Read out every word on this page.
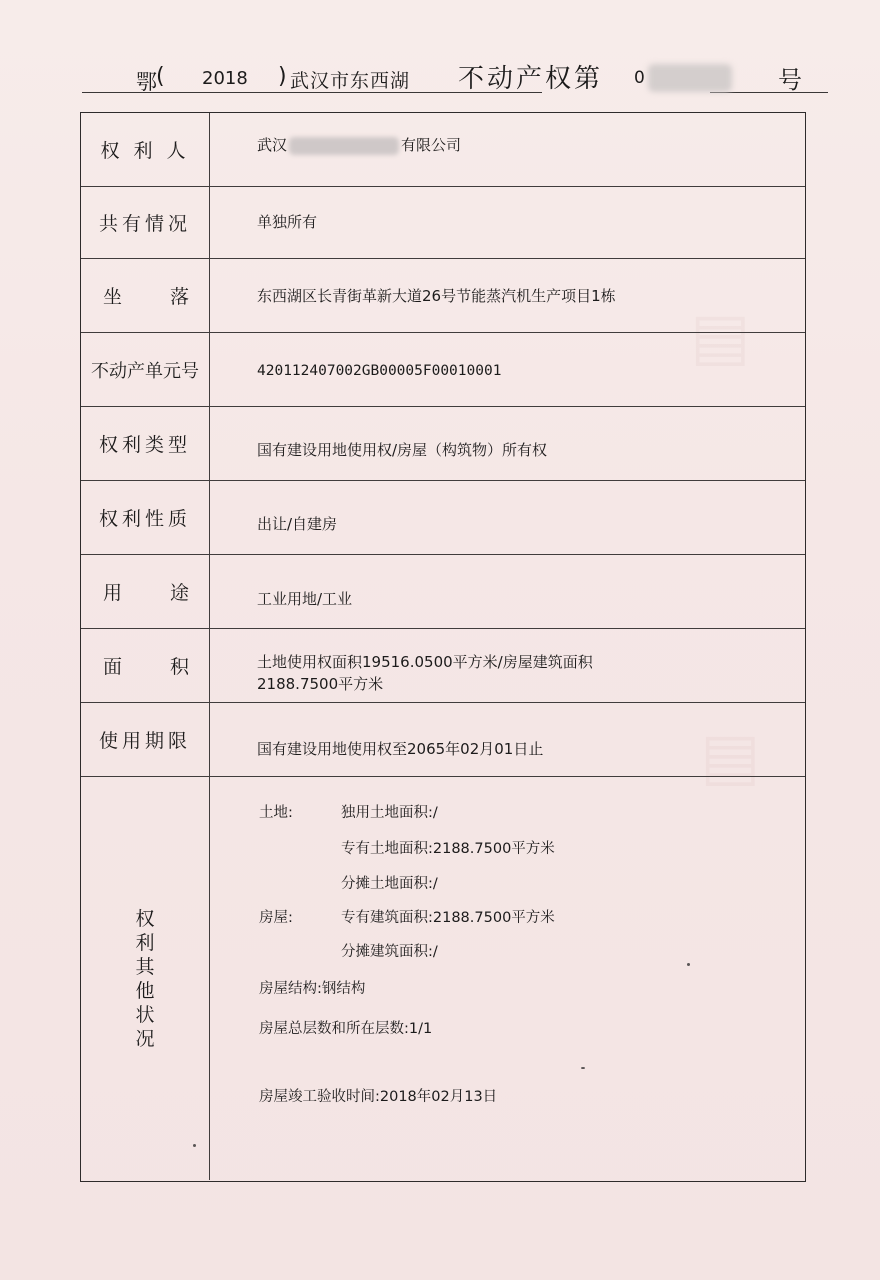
▤
▤
鄂 ( 2018 ) 武汉市东西湖 不动产权第 0	号
权 利 人	武汉	有限公司
共有情况	单独所有
坐	落	东西湖区长青街革新大道26号节能蒸汽机生产项目1栋
不动产单元号	420112407002GB00005F00010001
权利类型	国有建设用地使用权/房屋（构筑物）所有权
权利性质	出让/自建房
用	途	工业用地/工业
面	积	土地使用权面积19516.0500平方米/房屋建筑面积
2188.7500平方米
使用期限	国有建设用地使用权至2065年02月01日止
权
利
其
他
状
况
土地:	独用土地面积:/
专有土地面积:2188.7500平方米
分摊土地面积:/
房屋:	专有建筑面积:2188.7500平方米
分摊建筑面积:/
房屋结构:钢结构
房屋总层数和所在层数:1/1
房屋竣工验收时间:2018年02月13日
